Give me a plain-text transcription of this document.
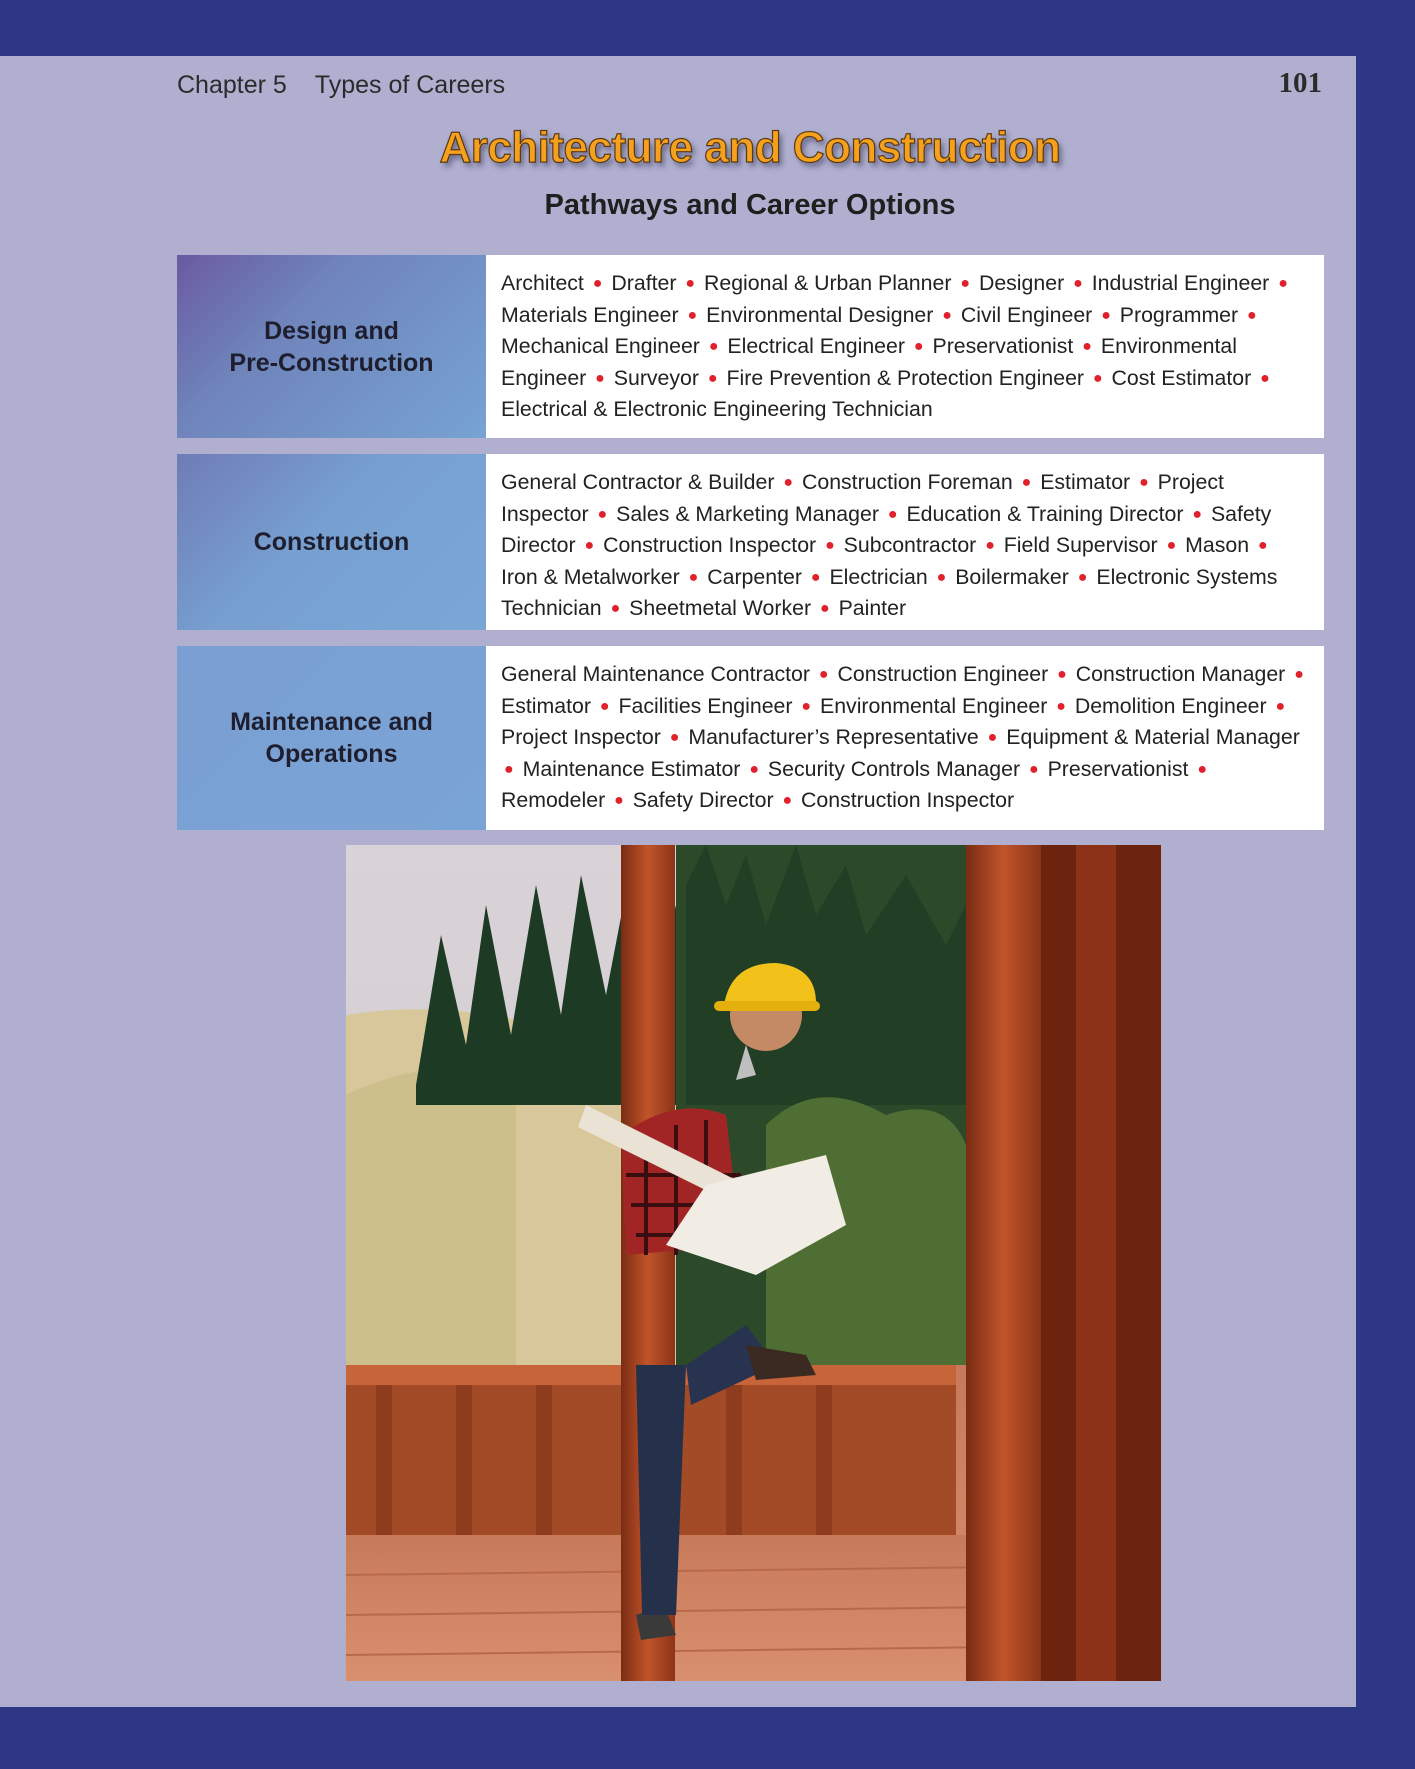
Chapter 5 Types of Careers	101
Architecture and Construction
Pathways and Career Options
Design and
Pre-Construction
Architect ● Drafter ● Regional & Urban Planner ● Designer ● Industrial Engineer ● Materials Engineer ● Environmental Designer ● Civil Engineer ● Programmer ● Mechanical Engineer ● Electrical Engineer ● Preservationist ● Environmental Engineer ● Surveyor ● Fire Prevention & Protection Engineer ● Cost Estimator ● Electrical & Electronic Engineering Technician
Construction
General Contractor & Builder ● Construction Foreman ● Estimator ● Project Inspector ● Sales & Marketing Manager ● Education & Training Director ● Safety Director ● Construction Inspector ● Subcontractor ● Field Supervisor ● Mason ● Iron & Metalworker ● Carpenter ● Electrician ● Boilermaker ● Electronic Systems Technician ● Sheetmetal Worker ● Painter
Maintenance and
Operations
General Maintenance Contractor ● Construction Engineer ● Construction Manager ● Estimator ● Facilities Engineer ● Environmental Engineer ● Demolition Engineer ● Project Inspector ● Manufacturer’s Representative ● Equipment & Material Manager ● Maintenance Estimator ● Security Controls Manager ● Preservationist ● Remodeler ● Safety Director ● Construction Inspector
